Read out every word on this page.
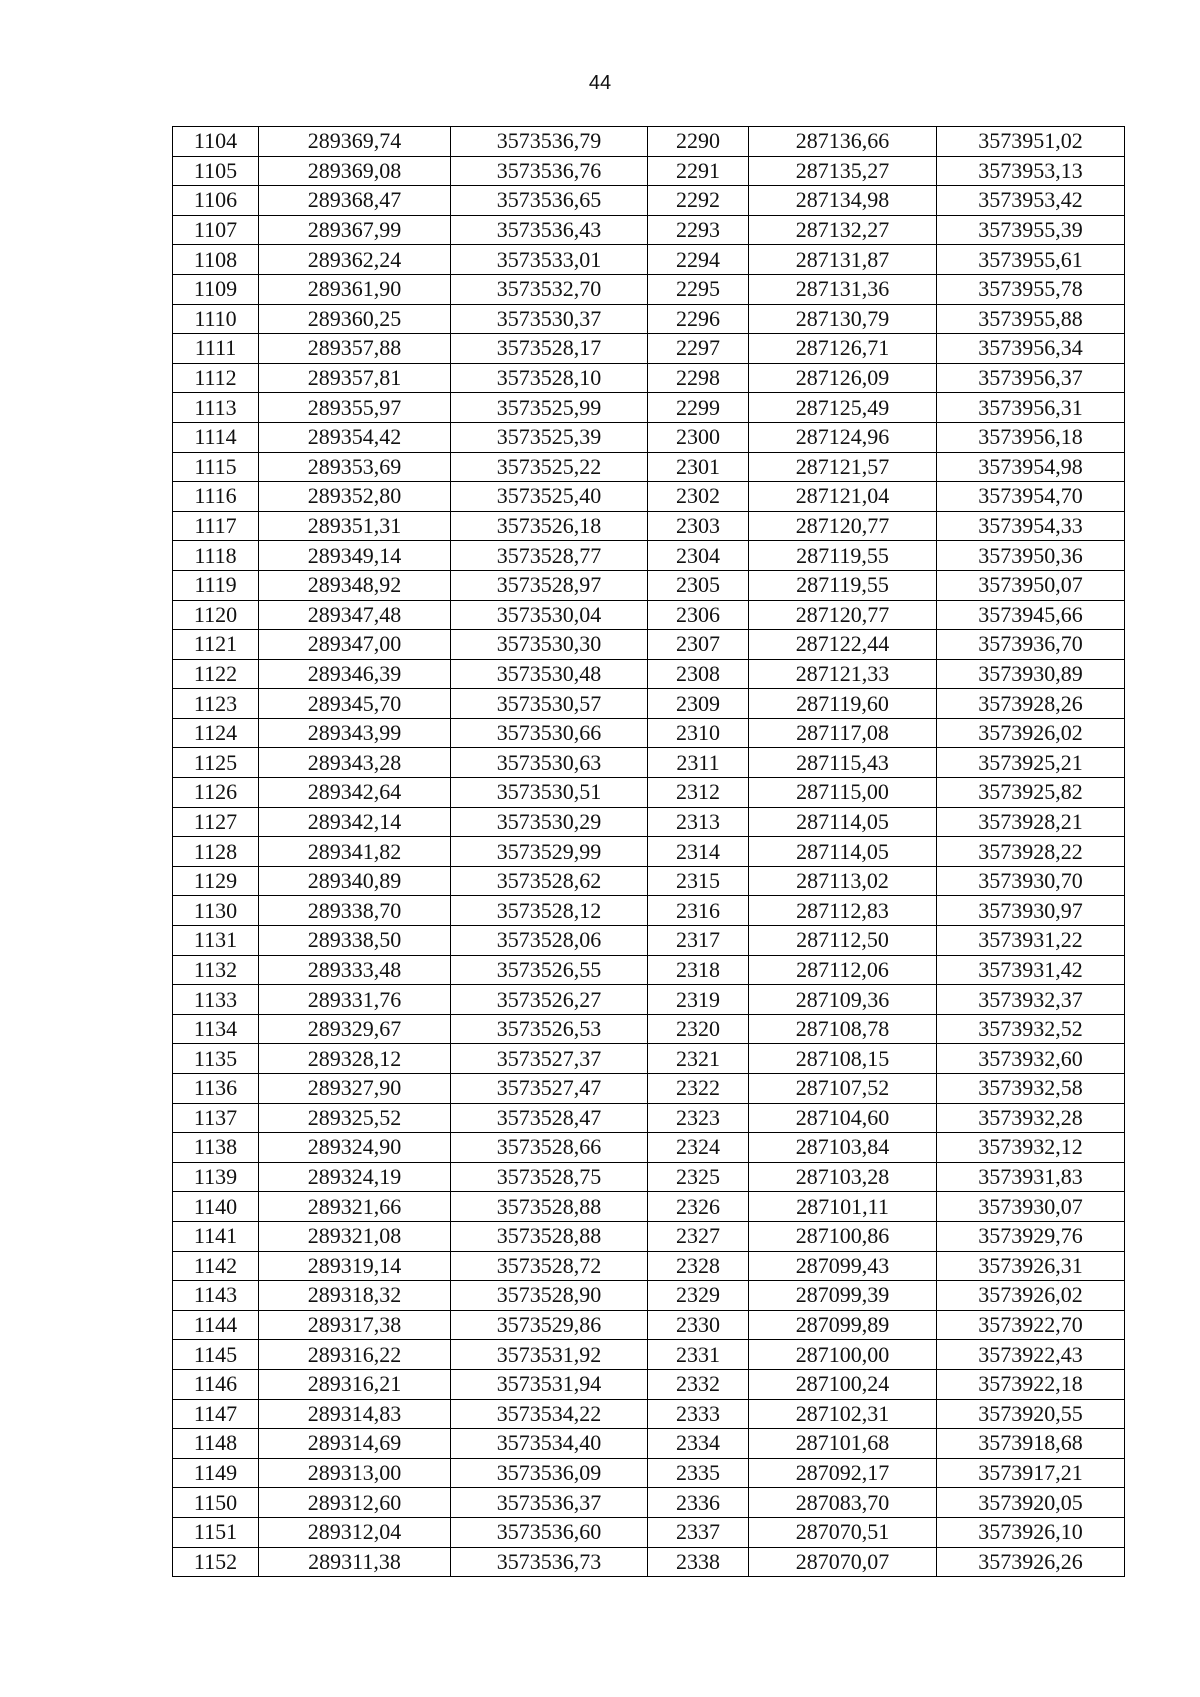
44
1104	289369,74	3573536,79	2290	287136,66	3573951,02
1105	289369,08	3573536,76	2291	287135,27	3573953,13
1106	289368,47	3573536,65	2292	287134,98	3573953,42
1107	289367,99	3573536,43	2293	287132,27	3573955,39
1108	289362,24	3573533,01	2294	287131,87	3573955,61
1109	289361,90	3573532,70	2295	287131,36	3573955,78
1110	289360,25	3573530,37	2296	287130,79	3573955,88
1111	289357,88	3573528,17	2297	287126,71	3573956,34
1112	289357,81	3573528,10	2298	287126,09	3573956,37
1113	289355,97	3573525,99	2299	287125,49	3573956,31
1114	289354,42	3573525,39	2300	287124,96	3573956,18
1115	289353,69	3573525,22	2301	287121,57	3573954,98
1116	289352,80	3573525,40	2302	287121,04	3573954,70
1117	289351,31	3573526,18	2303	287120,77	3573954,33
1118	289349,14	3573528,77	2304	287119,55	3573950,36
1119	289348,92	3573528,97	2305	287119,55	3573950,07
1120	289347,48	3573530,04	2306	287120,77	3573945,66
1121	289347,00	3573530,30	2307	287122,44	3573936,70
1122	289346,39	3573530,48	2308	287121,33	3573930,89
1123	289345,70	3573530,57	2309	287119,60	3573928,26
1124	289343,99	3573530,66	2310	287117,08	3573926,02
1125	289343,28	3573530,63	2311	287115,43	3573925,21
1126	289342,64	3573530,51	2312	287115,00	3573925,82
1127	289342,14	3573530,29	2313	287114,05	3573928,21
1128	289341,82	3573529,99	2314	287114,05	3573928,22
1129	289340,89	3573528,62	2315	287113,02	3573930,70
1130	289338,70	3573528,12	2316	287112,83	3573930,97
1131	289338,50	3573528,06	2317	287112,50	3573931,22
1132	289333,48	3573526,55	2318	287112,06	3573931,42
1133	289331,76	3573526,27	2319	287109,36	3573932,37
1134	289329,67	3573526,53	2320	287108,78	3573932,52
1135	289328,12	3573527,37	2321	287108,15	3573932,60
1136	289327,90	3573527,47	2322	287107,52	3573932,58
1137	289325,52	3573528,47	2323	287104,60	3573932,28
1138	289324,90	3573528,66	2324	287103,84	3573932,12
1139	289324,19	3573528,75	2325	287103,28	3573931,83
1140	289321,66	3573528,88	2326	287101,11	3573930,07
1141	289321,08	3573528,88	2327	287100,86	3573929,76
1142	289319,14	3573528,72	2328	287099,43	3573926,31
1143	289318,32	3573528,90	2329	287099,39	3573926,02
1144	289317,38	3573529,86	2330	287099,89	3573922,70
1145	289316,22	3573531,92	2331	287100,00	3573922,43
1146	289316,21	3573531,94	2332	287100,24	3573922,18
1147	289314,83	3573534,22	2333	287102,31	3573920,55
1148	289314,69	3573534,40	2334	287101,68	3573918,68
1149	289313,00	3573536,09	2335	287092,17	3573917,21
1150	289312,60	3573536,37	2336	287083,70	3573920,05
1151	289312,04	3573536,60	2337	287070,51	3573926,10
1152	289311,38	3573536,73	2338	287070,07	3573926,26
